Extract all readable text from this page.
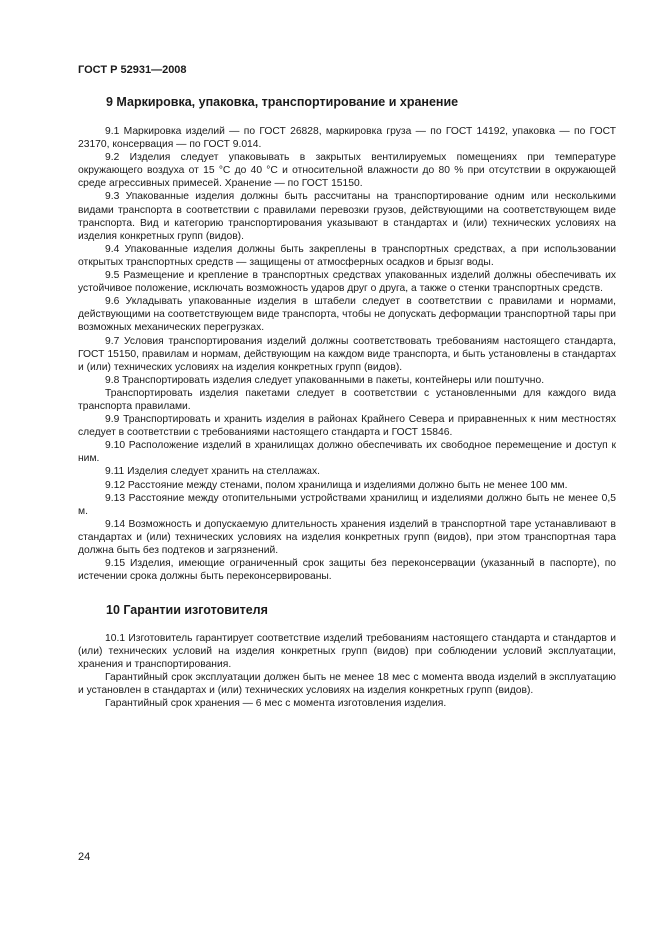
ГОСТ Р 52931—2008
9 Маркировка, упаковка, транспортирование и хранение

9.1 Маркировка изделий — по ГОСТ 26828, маркировка груза — по ГОСТ 14192, упаковка — по ГОСТ 23170, консервация — по ГОСТ 9.014.

9.2 Изделия следует упаковывать в закрытых вентилируемых помещениях при температуре окружающего воздуха от 15 °С до 40 °С и относительной влажности до 80 % при отсутствии в окружающей среде агрессивных примесей. Хранение — по ГОСТ 15150.

9.3 Упакованные изделия должны быть рассчитаны на транспортирование одним или несколькими видами транспорта в соответствии с правилами перевозки грузов, действующими на соответствующем виде транспорта. Вид и категорию транспортирования указывают в стандартах и (или) технических условиях на изделия конкретных групп (видов).

9.4 Упакованные изделия должны быть закреплены в транспортных средствах, а при использовании открытых транспортных средств — защищены от атмосферных осадков и брызг воды.

9.5 Размещение и крепление в транспортных средствах упакованных изделий должны обеспечивать их устойчивое положение, исключать возможность ударов друг о друга, а также о стенки транспортных средств.

9.6 Укладывать упакованные изделия в штабели следует в соответствии с правилами и нормами, действующими на соответствующем виде транспорта, чтобы не допускать деформации транспортной тары при возможных механических перегрузках.

9.7 Условия транспортирования изделий должны соответствовать требованиям настоящего стандарта, ГОСТ 15150, правилам и нормам, действующим на каждом виде транспорта, и быть установлены в стандартах и (или) технических условиях на изделия конкретных групп (видов).

9.8 Транспортировать изделия следует упакованными в пакеты, контейнеры или поштучно.

Транспортировать изделия пакетами следует в соответствии с установленными для каждого вида транспорта правилами.

9.9 Транспортировать и хранить изделия в районах Крайнего Севера и приравненных к ним местностях следует в соответствии с требованиями настоящего стандарта и ГОСТ 15846.

9.10 Расположение изделий в хранилищах должно обеспечивать их свободное перемещение и доступ к ним.

9.11 Изделия следует хранить на стеллажах.

9.12 Расстояние между стенами, полом хранилища и изделиями должно быть не менее 100 мм.

9.13 Расстояние между отопительными устройствами хранилищ и изделиями должно быть не менее 0,5 м.

9.14 Возможность и допускаемую длительность хранения изделий в транспортной таре устанавливают в стандартах и (или) технических условиях на изделия конкретных групп (видов), при этом транспортная тара должна быть без подтеков и загрязнений.

9.15 Изделия, имеющие ограниченный срок защиты без переконсервации (указанный в паспорте), по истечении срока должны быть переконсервированы.

10 Гарантии изготовителя

10.1 Изготовитель гарантирует соответствие изделий требованиям настоящего стандарта и стандартов и (или) технических условий на изделия конкретных групп (видов) при соблюдении условий эксплуатации, хранения и транспортирования.

Гарантийный срок эксплуатации должен быть не менее 18 мес с момента ввода изделий в эксплуатацию и установлен в стандартах и (или) технических условиях на изделия конкретных групп (видов).

Гарантийный срок хранения — 6 мес с момента изготовления изделия.

24
